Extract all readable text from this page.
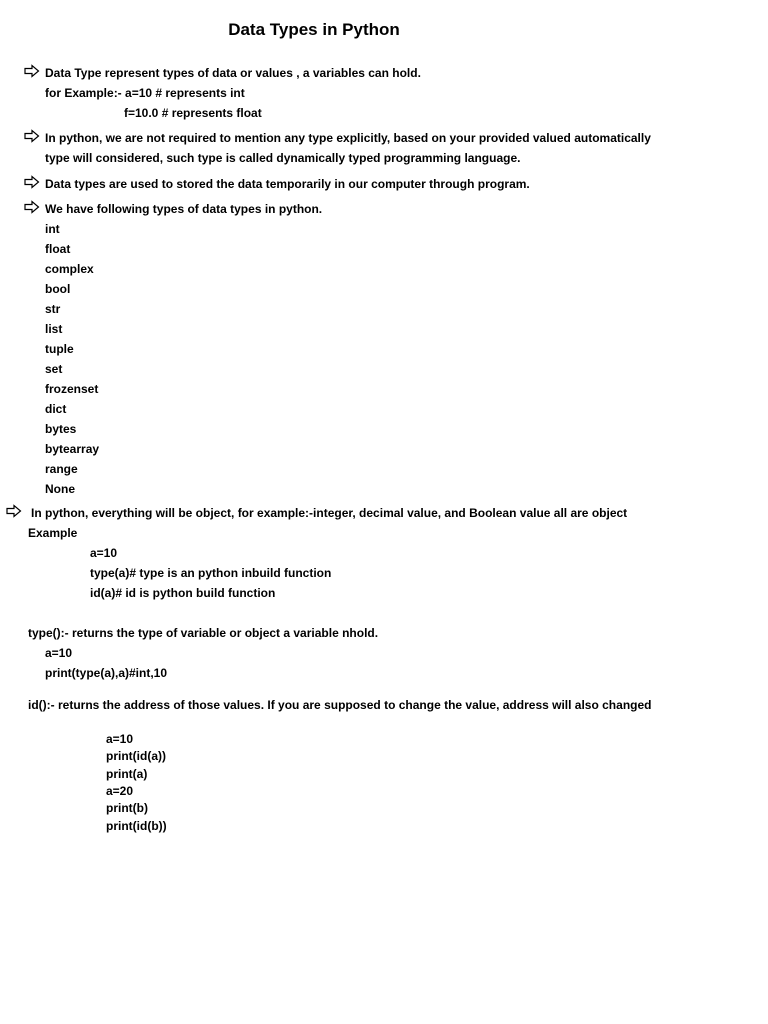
Data Types in Python
Data Type represent types of data or values , a variables can hold.
for Example:- a=10 # represents int
f=10.0 # represents float
In python, we are not required to mention any type explicitly, based on your provided valued automatically
type will considered, such type is called dynamically typed programming language.
Data types are used to stored the data temporarily in our computer through program.
We have following types of data types in python.
int
float
complex
bool
str
list
tuple
set
frozenset
dict
bytes
bytearray
range
None
In python, everything will be object, for example:-integer, decimal value, and Boolean value all are object
Example
a=10
type(a)# type is an python inbuild function
id(a)# id is python build function
type():- returns the type of variable or object a variable nhold.
a=10
print(type(a),a)#int,10
id():- returns the address of those values. If you are supposed to change the value, address will also changed
a=10
print(id(a))
print(a)
a=20
print(b)
print(id(b))
